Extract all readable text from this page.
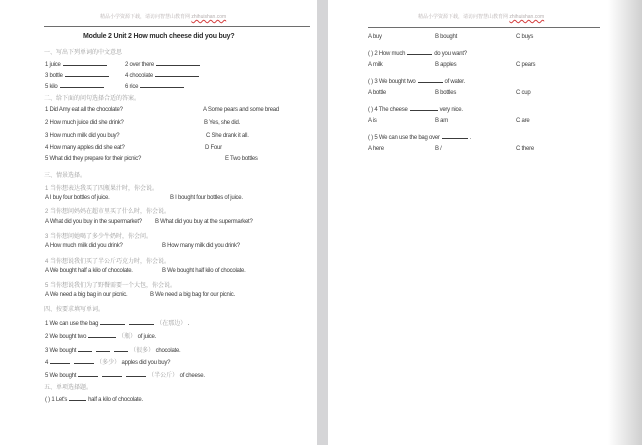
精品小学资源下载，请访问智慧山教育网 zhihuishan.com
Module 2 Unit 2 How much cheese did you buy?
一、写出下列单词的中文意思
1 juice	2 over there
3 bottle	4 chocolate
5 kilo	6 rice
二、给下面的问句选择合适的答案。
1 Did Amy eat all the chocolate?	A Some pears and some bread
2 How much juice did she drink?	B Yes, she did.
3 How much milk did you buy?	C She drank it all.
4 How many apples did she eat?	D Four
5 What did they prepare for their picnic?	E Two bottles
三、情景选择。
1 当你想表达我买了四瓶果汁时，你会说。
A I buy four bottles of juice.	B I bought four bottles of juice.
2 当你想问妈妈在超市里买了什么时，你会说。
A What did you buy in the supermarket? B What did you buy at the supermarket?
3 当你想问她喝了多少牛奶时，你会问。
A How much milk did you drink?	B How many milk did you drink?
4 当你想说我们买了半公斤巧克力时，你会说。
A We bought half a kilo of chocolate.	B We bought half kilo of chocolate.
5 当你想说我们为了野餐需要一个大包，你会说。
A We need a big bag in our picnic.	B We need a big bag for our picnic.
四、按要求填写单词。
1 We can use the bag	（在那边） .
2 We bought two	（瓶） of juice.
3 We bought	（很多） chocolate.
4	（多少） apples did you buy?
5 We bought	（半公斤） of cheese.
五、单项选择题。
( ) 1 Let's	half a kilo of chocolate.
精品小学资源下载，请访问智慧山教育网 zhihuishan.com
A buy	B bought	C buys
( ) 2 How much	do you want?
A milk	B apples	C pears
( ) 3 We bought two	of water.
A bottle	B bottles	C cup
( ) 4 The cheese	very nice.
A is	B am	C are
( ) 5 We can use the bag over	.
A here	B /	C there
